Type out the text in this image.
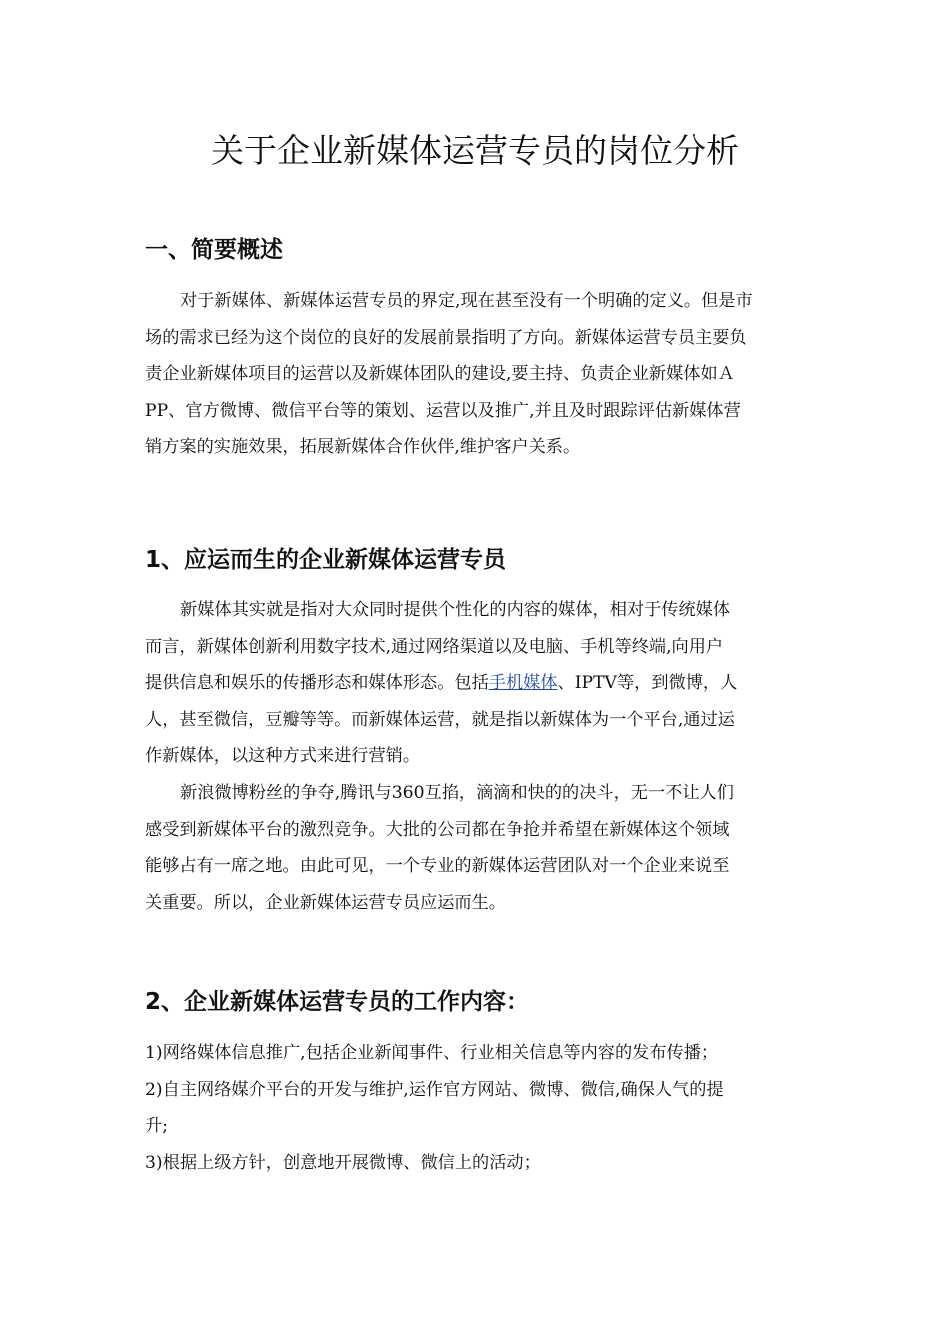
关于企业新媒体运营专员的岗位分析
一、简要概述
对于新媒体、新媒体运营专员的界定,现在甚至没有一个明确的定义。但是市
场的需求已经为这个岗位的良好的发展前景指明了方向。新媒体运营专员主要负
责企业新媒体项目的运营以及新媒体团队的建设,要主持、负责企业新媒体如Ａ
PP、官方微博、微信平台等的策划、运营以及推广,并且及时跟踪评估新媒体营
销方案的实施效果，拓展新媒体合作伙伴,维护客户关系。
1、应运而生的企业新媒体运营专员
新媒体其实就是指对大众同时提供个性化的内容的媒体，相对于传统媒体
而言，新媒体创新利用数字技术,通过网络渠道以及电脑、手机等终端,向用户
提供信息和娱乐的传播形态和媒体形态。包括手机媒体、IPTV等，到微博，人
人，甚至微信，豆瓣等等。而新媒体运营，就是指以新媒体为一个平台,通过运
作新媒体，以这种方式来进行营销。
新浪微博粉丝的争夺,腾讯与360互掐，滴滴和快的的决斗，无一不让人们
感受到新媒体平台的激烈竞争。大批的公司都在争抢并希望在新媒体这个领域
能够占有一席之地。由此可见，一个专业的新媒体运营团队对一个企业来说至
关重要。所以，企业新媒体运营专员应运而生。
2、企业新媒体运营专员的工作内容：
1)网络媒体信息推广,包括企业新闻事件、行业相关信息等内容的发布传播；
2)自主网络媒介平台的开发与维护,运作官方网站、微博、微信,确保人气的提
升;
3)根据上级方针，创意地开展微博、微信上的活动；
